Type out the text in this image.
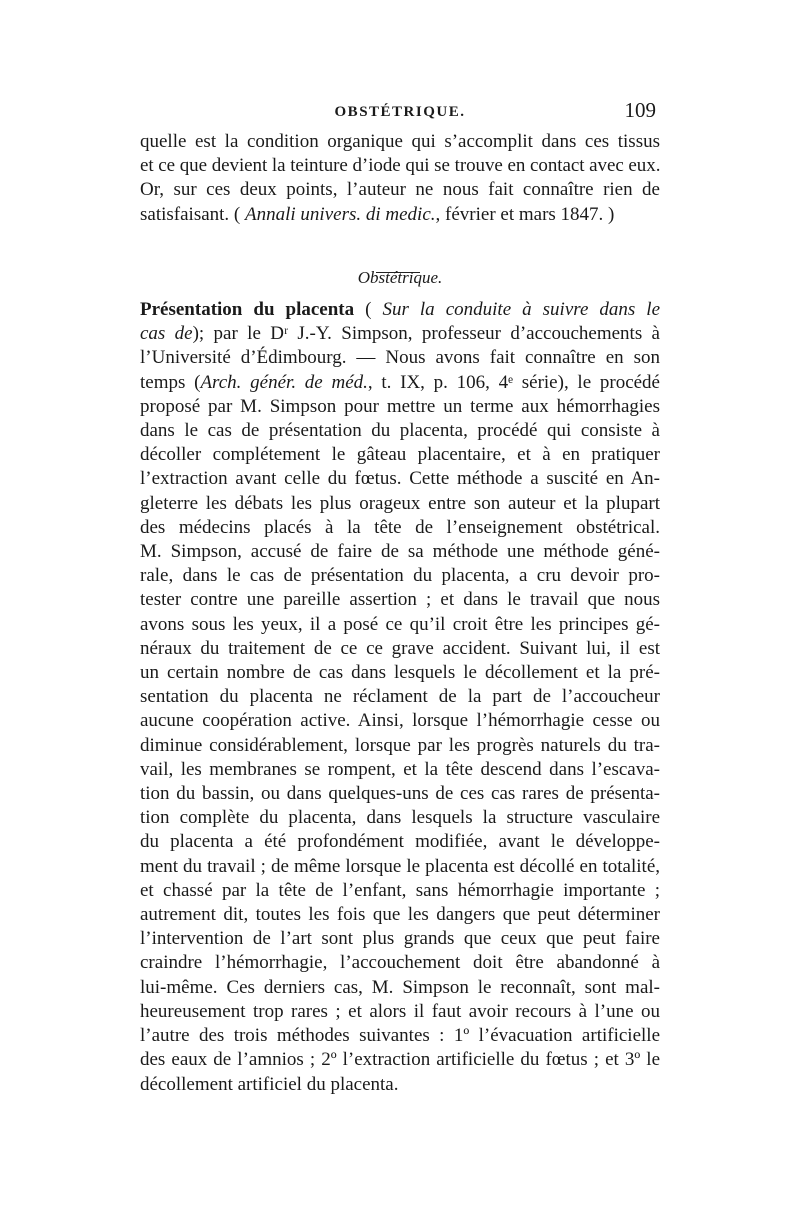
OBSTÉTRIQUE.	109
quelle est la condition organique qui s’accomplit dans ces tissus
et ce que devient la teinture d’iode qui se trouve en contact avec eux.
Or, sur ces deux points, l’auteur ne nous fait connaître rien de
satisfaisant. ( Annali univers. di medic., février et mars 1847. )
Obstétrique.
Présentation du placenta ( Sur la conduite à suivre dans le
cas de); par le Dʳ J.-Y. Simpson, professeur d’accouchements à
l’Université d’Édimbourg. — Nous avons fait connaître en son
temps (Arch. génér. de méd., t. IX, p. 106, 4ᵉ série), le procédé
proposé par M. Simpson pour mettre un terme aux hémorrhagies
dans le cas de présentation du placenta, procédé qui consiste à
décoller complétement le gâteau placentaire, et à en pratiquer
l’extraction avant celle du fœtus. Cette méthode a suscité en An-
gleterre les débats les plus orageux entre son auteur et la plupart
des médecins placés à la tête de l’enseignement obstétrical.
M. Simpson, accusé de faire de sa méthode une méthode géné-
rale, dans le cas de présentation du placenta, a cru devoir pro-
tester contre une pareille assertion ; et dans le travail que nous
avons sous les yeux, il a posé ce qu’il croit être les principes gé-
néraux du traitement de ce ce grave accident. Suivant lui, il est
un certain nombre de cas dans lesquels le décollement et la pré-
sentation du placenta ne réclament de la part de l’accoucheur
aucune coopération active. Ainsi, lorsque l’hémorrhagie cesse ou
diminue considérablement, lorsque par les progrès naturels du tra-
vail, les membranes se rompent, et la tête descend dans l’escava-
tion du bassin, ou dans quelques-uns de ces cas rares de présenta-
tion complète du placenta, dans lesquels la structure vasculaire
du placenta a été profondément modifiée, avant le développe-
ment du travail ; de même lorsque le placenta est décollé en totalité,
et chassé par la tête de l’enfant, sans hémorrhagie importante ;
autrement dit, toutes les fois que les dangers que peut déterminer
l’intervention de l’art sont plus grands que ceux que peut faire
craindre l’hémorrhagie, l’accouchement doit être abandonné à
lui-même. Ces derniers cas, M. Simpson le reconnaît, sont mal-
heureusement trop rares ; et alors il faut avoir recours à l’une ou
l’autre des trois méthodes suivantes : 1º l’évacuation artificielle
des eaux de l’amnios ; 2º l’extraction artificielle du fœtus ; et 3º le
décollement artificiel du placenta.
